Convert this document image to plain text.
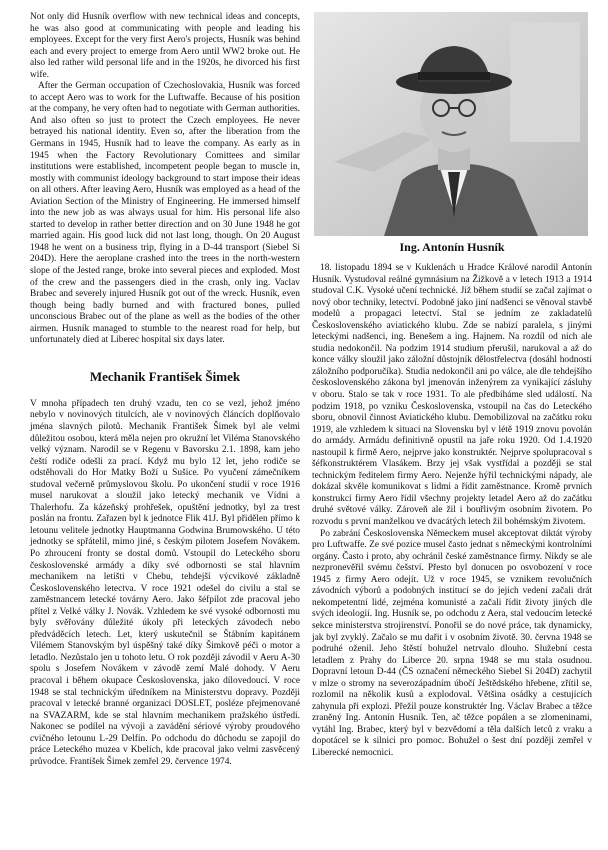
Not only did Husník overflow with new technical ideas and concepts, he was also good at communicating with people and leading his employees. Except for the very first Aero's projects, Husník was behind each and every project to emerge from Aero until WW2 broke out. He also led rather wild personal life and in the 1920s, he divorced his first wife.

After the German occupation of Czechoslovakia, Husník was forced to accept Aero was to work for the Luftwaffe. Because of his position at the company, he very often had to negotiate with German authorities. And also often so just to protect the Czech employees. He never betrayed his national identity. Even so, after the liberation from the Germans in 1945, Husník had to leave the company. As early as in 1945 when the Factory Revolutionary Comittees and similar institutions were established, incompetent people began to muscle in, mostly with communist ideology background to start impose their ideas on all others. After leaving Aero, Husník was employed as a head of the Aviation Section of the Ministry of Engineering. He immersed himself into the new job as was always usual for him. His personal life also started to develop in rather better direction and on 30 June 1948 he got married again. His good luck did not last long, though. On 20 August 1948 he went on a business trip, flying in a D-44 transport (Siebel Si 204D). Here the aeroplane crashed into the trees in the north-western slope of the Jested range, broke into several pieces and exploded. Most of the crew and the passengers died in the crash, only ing. Vaclav Brabec and severely injured Husník got out of the wreck. Husník, even though being badly burned and with fractured bones, pulled unconscious Brabec out of the plane as well as the bodies of the other airmen. Husník managed to stumble to the nearest road for help, but unfortunately died at Liberec hospital six days later.

Mechanik František Šimek

V mnoha případech ten druhý vzadu, ten co se vezl, jehož jméno nebylo v novinových titulcích, ale v novinových článcích doplňovalo jména slavných pilotů. Mechanik František Šimek byl ale velmi důležitou osobou, která měla nejen pro okružní let Viléma Stanovského velký význam. Narodil se v Regenu v Bavorsku 2.1. 1898, kam jeho čeští rodiče odešli za prací. Když mu bylo 12 let, jeho rodiče se odstěhovali do Hor Matky Boží u Sušice. Po vyučení zámečníkem studoval večerně průmyslovou školu. Po ukončení studií v roce 1916 musel narukovat a sloužil jako letecký mechanik ve Vídni a Thalerhofu. Za kázeňský prohřešek, opuštění jednotky, byl za trest poslán na frontu. Zařazen byl k jednotce Flik 41J. Byl přidělen přímo k letounu velitele jednotky Hauptmanna Godwina Brumowského. U této jednotky se spřátelil, mimo jiné, s českým pilotem Josefem Novákem. Po zhroucení fronty se dostal domů. Vstoupil do Leteckého sboru československé armády a díky své odbornosti se stal hlavním mechanikem na letišti v Chebu, tehdejší výcvikové základně Československého letectva. V roce 1921 odešel do civilu a stal se zaměstnancem letecké továrny Aero. Jako šéfpilot zde pracoval jeho přítel z Velké války J. Novák. Vzhledem ke své vysoké odbornosti mu byly svěřovány důležité úkoly při leteckých závodech nebo předváděcích letech. Let, který uskutečnil se Štábním kapitánem Vilémem Stanovským byl úspěšný také díky Šimkově péči o motor a letadlo. Nezůstalo jen u tohoto letu. O rok později závodil v Aeru A-30 spolu s Josefem Novákem v závodě zemí Malé dohody. V Aeru pracoval i během okupace Československa, jako dílovedoucí. V roce 1948 se stal technickým úředníkem na Ministerstvu dopravy. Později pracoval v letecké branné organizaci DOSLET, posléze přejmenované na SVAZARM, kde se stal hlavním mechanikem pražského ústředí. Nakonec se podílel na vývoji a zavádění sériové výroby proudového cvičného letounu L-29 Delfín. Po odchodu do důchodu se zapojil do práce Leteckého muzea v Kbelích, kde pracoval jako velmi zasvěcený průvodce. František Šimek zemřel 29. července 1974.

Ing. Antonín Husník

18. listopadu 1894 se v Kuklenách u Hradce Králové narodil Antonín Husník. Vystudoval reálné gymnásium na Žižkově a v letech 1913 a 1914 studoval C.K. Vysoké učení technické. Již během studií se začal zajímat o nový obor techniky, letectví. Podobně jako jiní nadšenci se věnoval stavbě modelů a propagaci letectví. Stal se jedním ze zakladatelů Československého aviatického klubu. Zde se nabízí paralela, s jinými leteckými nadšenci, ing. Benešem a ing. Hajnem. Na rozdíl od nich ale studia nedokončil. Na podzim 1914 studium přerušil, narukoval a až do konce války sloužil jako záložní důstojník dělostřelectva (dosáhl hodnosti záložního podporučíka). Studia nedokončil ani po válce, ale dle tehdejšího československého zákona byl jmenován inženýrem za vynikající zásluhy v oboru. Stalo se tak v roce 1931. To ale předbíháme sled událostí. Na podzim 1918, po vzniku Československa, vstoupil na čas do Leteckého sboru, obnovil činnost Aviatického klubu. Demobilizoval na začátku roku 1919, ale vzhledem k situaci na Slovensku byl v létě 1919 znovu povolán do armády. Armádu definitivně opustil na jaře roku 1920. Od 1.4.1920 nastoupil k firmě Aero, nejprve jako konstruktér. Nejprve spolupracoval s šéfkonstruktérem Vlasákem. Brzy jej však vystřídal a později se stal technickým ředitelem firmy Aero. Nejenže hýřil technickými nápady, ale dokázal skvěle komunikovat s lidmi a řídit zaměstnance. Kromě prvních konstrukcí firmy Aero řídil všechny projekty letadel Aero až do začátku druhé světové války. Zároveň ale žil i bouřlivým osobním životem. Po rozvodu s první manželkou ve dvacátých letech žil bohémským životem.

Po zabrání Československa Německem musel akceptovat diktát výroby pro Luftwaffe. Ze své pozice musel často jednat s německými kontrolními orgány. Často i proto, aby ochránil české zaměstnance firmy. Nikdy se ale nezpronevěřil svému češství. Přesto byl donucen po osvobození v roce 1945 z firmy Aero odejít. Už v roce 1945, se vznikem revolučních závodních výborů a podobných institucí se do jejich vedení začali drát nekompetentní lidé, zejména komunisté a začali řídit životy jiných dle svých ideologií. Ing. Husník se, po odchodu z Aera, stal vedoucím letecké sekce ministerstva strojírenství. Ponořil se do nové práce, tak dynamicky, jak byl zvyklý. Začalo se mu dařit i v osobním životě. 30. června 1948 se podruhé oženil. Jeho štěstí bohužel netrvalo dlouho. Služební cesta letadlem z Prahy do Liberce 20. srpna 1948 se mu stala osudnou. Dopravní letoun D-44 (ČS označení německého Siebel Si 204D) zachytil v mlze o stromy na severozápadním úbočí Ještědského hřebene, zřítil se, rozlomil na několik kusů a explodoval. Většina osádky a cestujících zahynula při explozi. Přežil pouze konstruktér Ing. Václav Brabec a těžce zraněný Ing. Antonín Husník. Ten, ač těžce popálen a se zlomeninami, vytáhl Ing. Brabec, který byl v bezvědomí a těla dalších letců z vraku a dopotácel se k silnici pro pomoc. Bohužel o šest dní později zemřel v Liberecké nemocnici.
